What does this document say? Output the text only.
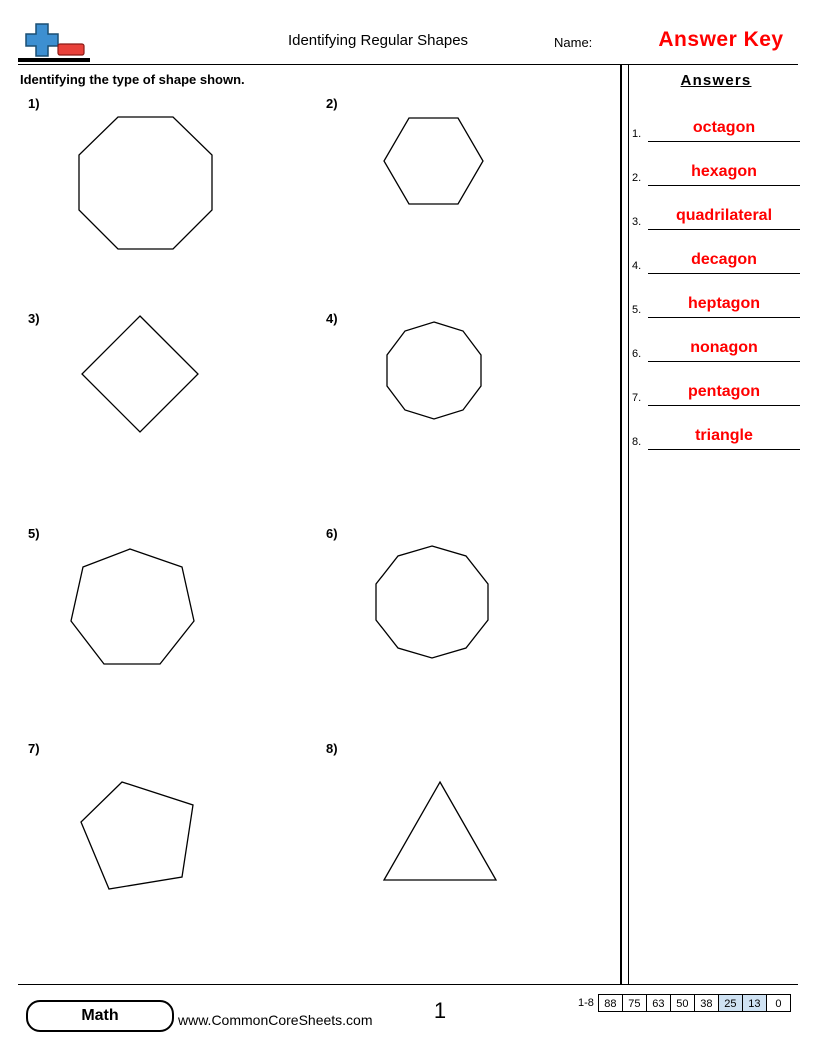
Identifying Regular Shapes	Name:	Answer Key
Identifying the type of shape shown.
1)	2)
3)	4)
5)	6)
7)	8)
Answers
1.	octagon
2.	hexagon
3.	quadrilateral
4.	decagon
5.	heptagon
6.	nonagon
7.	pentagon
8.	triangle
Math	www.CommonCoreSheets.com	1	1-8 88	75	63	50	38	25	13	0
